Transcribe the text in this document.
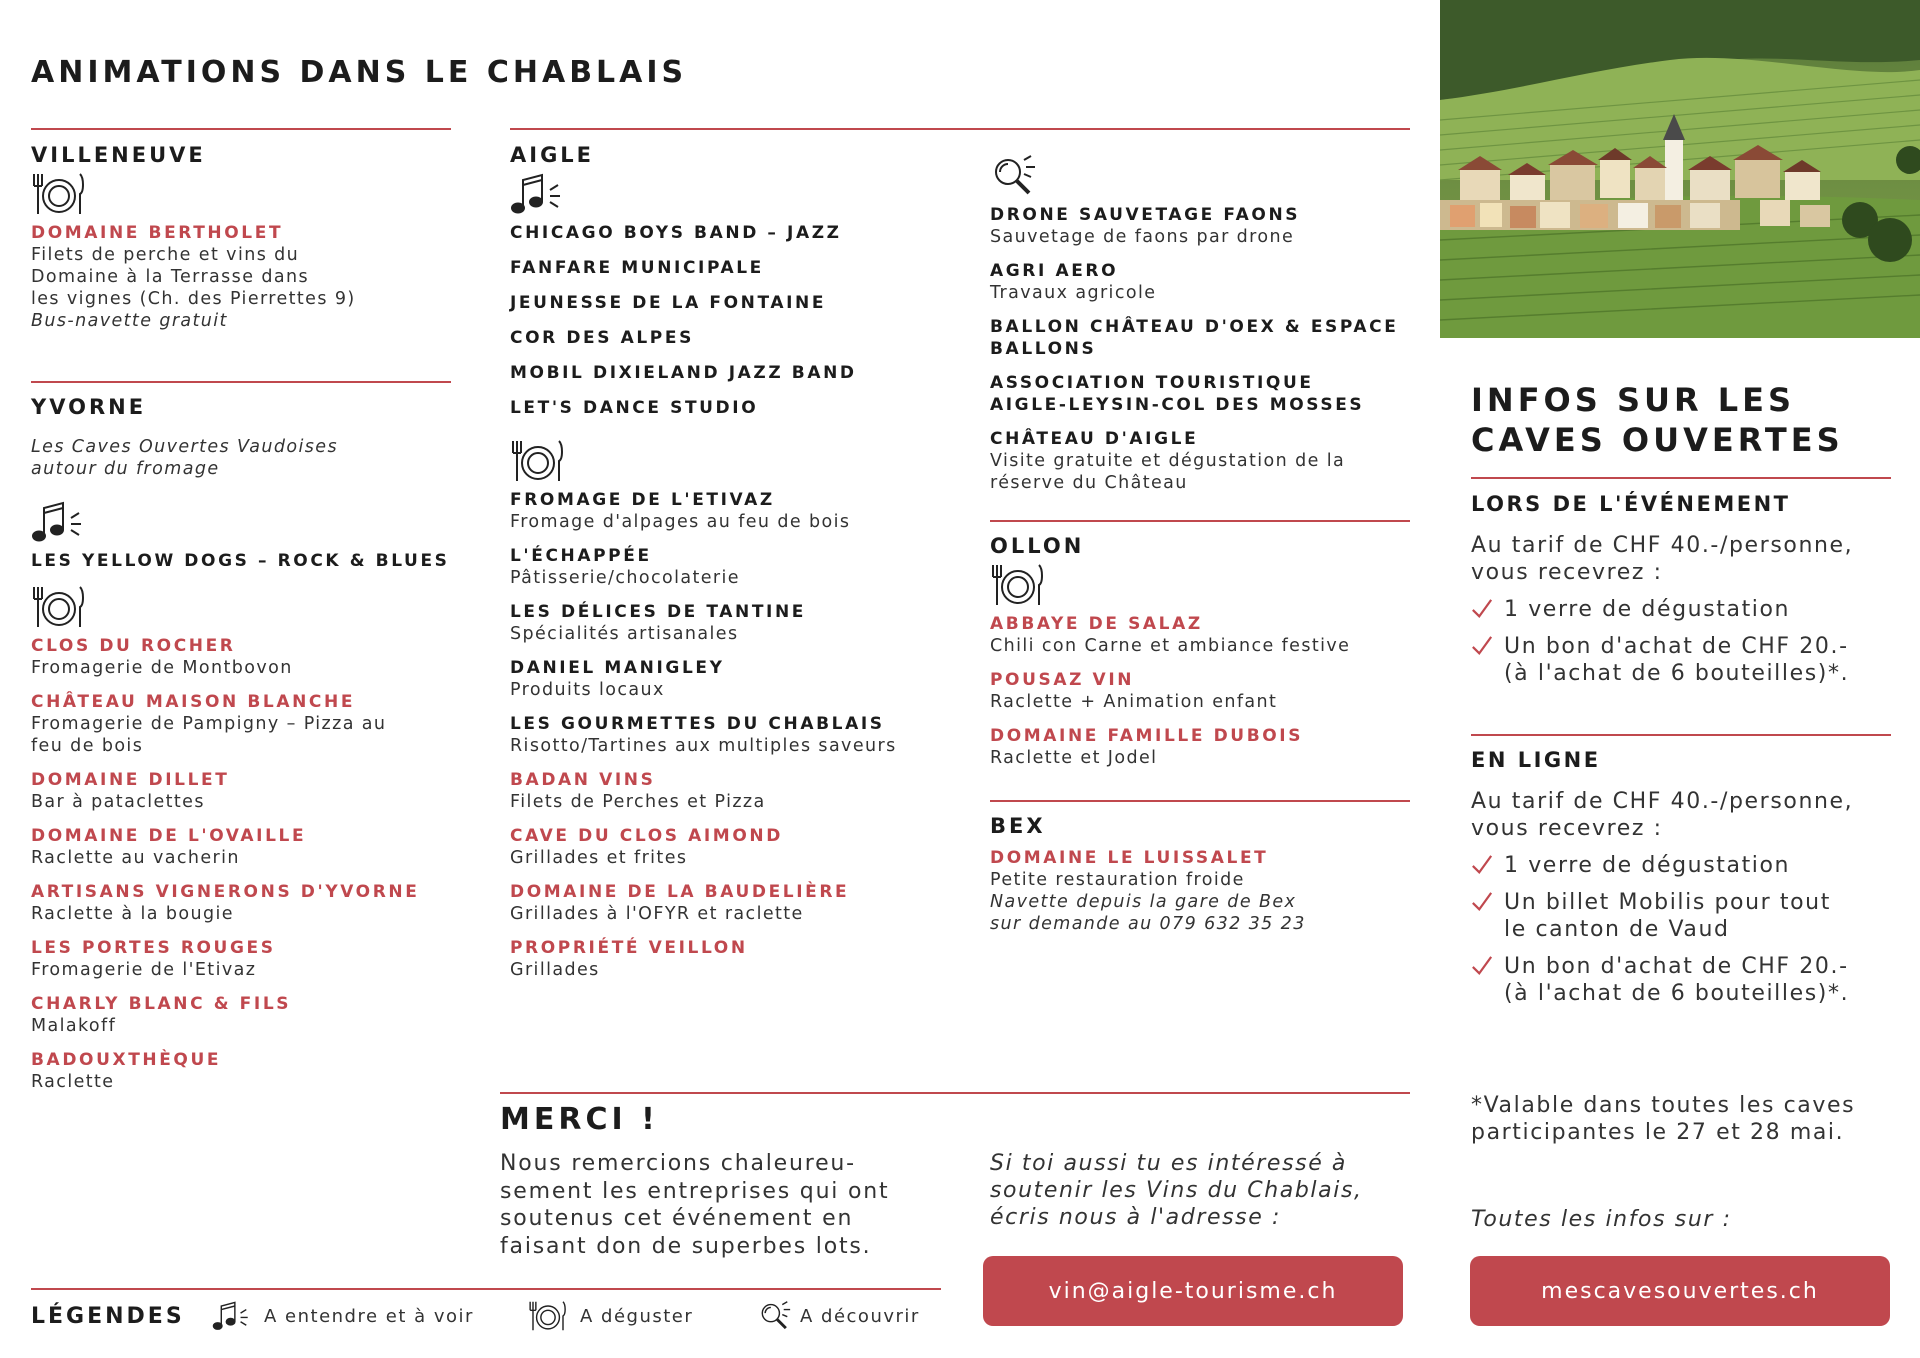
ANIMATIONS DANS LE CHABLAIS
VILLENEUVE
DOMAINE BERTHOLET
Filets de perche et vins du
Domaine à la Terrasse dans
les vignes (Ch. des Pierrettes 9)
Bus-navette gratuit
YVORNE
Les Caves Ouvertes Vaudoises
autour du fromage
LES YELLOW DOGS – ROCK & BLUES
CLOS DU ROCHER
Fromagerie de Montbovon
CHÂTEAU MAISON BLANCHE
Fromagerie de Pampigny – Pizza au
feu de bois
DOMAINE DILLET
Bar à pataclettes
DOMAINE DE L'OVAILLE
Raclette au vacherin
ARTISANS VIGNERONS D'YVORNE
Raclette à la bougie
LES PORTES ROUGES
Fromagerie de l'Etivaz
CHARLY BLANC & FILS
Malakoff
BADOUXTHÈQUE
Raclette
AIGLE
CHICAGO BOYS BAND – JAZZ
FANFARE MUNICIPALE
JEUNESSE DE LA FONTAINE
COR DES ALPES
MOBIL DIXIELAND JAZZ BAND
LET'S DANCE STUDIO
FROMAGE DE L'ETIVAZ
Fromage d'alpages au feu de bois
L'ÉCHAPPÉE
Pâtisserie/chocolaterie
LES DÉLICES DE TANTINE
Spécialités artisanales
DANIEL MANIGLEY
Produits locaux
LES GOURMETTES DU CHABLAIS
Risotto/Tartines aux multiples saveurs
BADAN VINS
Filets de Perches et Pizza
CAVE DU CLOS AIMOND
Grillades et frites
DOMAINE DE LA BAUDELIÈRE
Grillades à l'OFYR et raclette
PROPRIÉTÉ VEILLON
Grillades
DRONE SAUVETAGE FAONS
Sauvetage de faons par drone
AGRI AERO
Travaux agricole
BALLON CHÂTEAU D'OEX & ESPACE
BALLONS
ASSOCIATION TOURISTIQUE
AIGLE-LEYSIN-COL DES MOSSES
CHÂTEAU D'AIGLE
Visite gratuite et dégustation de la
réserve du Château
OLLON
ABBAYE DE SALAZ
Chili con Carne et ambiance festive
POUSAZ VIN
Raclette + Animation enfant
DOMAINE FAMILLE DUBOIS
Raclette et Jodel
BEX
DOMAINE LE LUISSALET
Petite restauration froide
Navette depuis la gare de Bex
sur demande au 079 632 35 23
MERCI !
Nous remercions chaleureu-
sement les entreprises qui ont
soutenus cet événement en
faisant don de superbes lots.
Si toi aussi tu es intéressé à
soutenir les Vins du Chablais,
écris nous à l'adresse :
vin@aigle-tourisme.ch
LÉGENDES	A entendre et à voir	A déguster	A découvrir
INFOS SUR LES
CAVES OUVERTES
LORS DE L'ÉVÉNEMENT
Au tarif de CHF 40.-/personne,
vous recevrez :
1 verre de dégustation
Un bon d'achat de CHF 20.-
(à l'achat de 6 bouteilles)*.
EN LIGNE
Au tarif de CHF 40.-/personne,
vous recevrez :
1 verre de dégustation
Un billet Mobilis pour tout
le canton de Vaud
Un bon d'achat de CHF 20.-
(à l'achat de 6 bouteilles)*.
*Valable dans toutes les caves
participantes le 27 et 28 mai.
Toutes les infos sur :
mescavesouvertes.ch
